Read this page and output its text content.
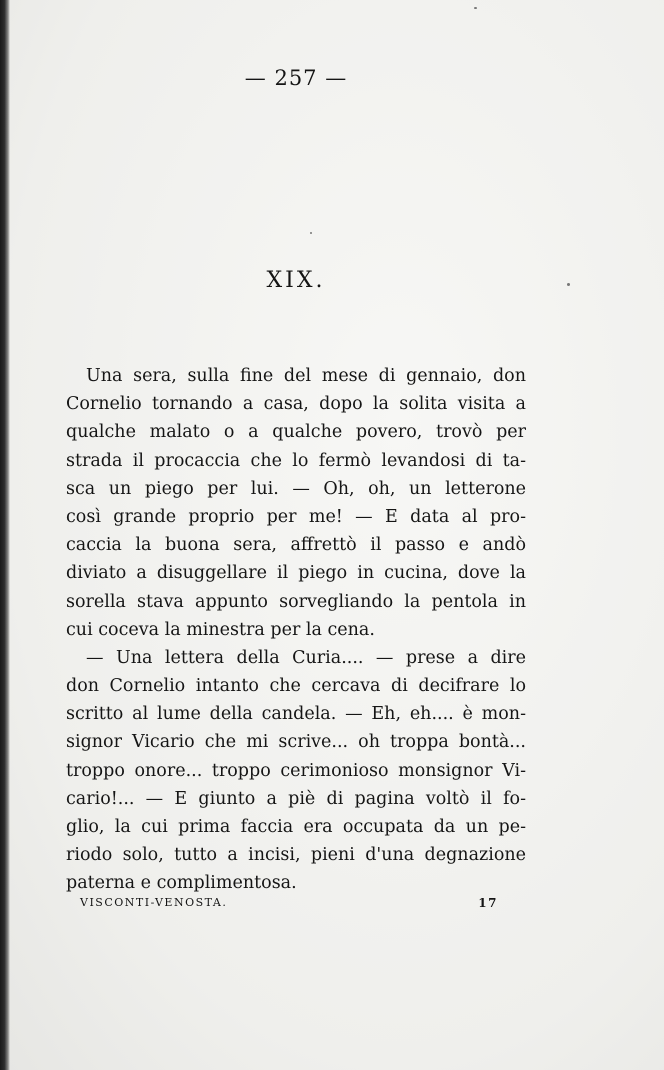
— 257 —
XIX.
Una sera, sulla fine del mese di gennaio, don
Cornelio tornando a casa, dopo la solita visita a
qualche malato o a qualche povero, trovò per
strada il procaccia che lo fermò levandosi di ta-
sca un piego per lui. — Oh, oh, un letterone
così grande proprio per me! — E data al pro-
caccia la buona sera, affrettò il passo e andò
diviato a disuggellare il piego in cucina, dove la
sorella stava appunto sorvegliando la pentola in
cui coceva la minestra per la cena.
— Una lettera della Curia.... — prese a dire
don Cornelio intanto che cercava di decifrare lo
scritto al lume della candela. — Eh, eh.... è mon-
signor Vicario che mi scrive... oh troppa bontà...
troppo onore... troppo cerimonioso monsignor Vi-
cario!... — E giunto a piè di pagina voltò il fo-
glio, la cui prima faccia era occupata da un pe-
riodo solo, tutto a incisi, pieni d'una degnazione
paterna e complimentosa.
VISCONTI-VENOSTA.	17
